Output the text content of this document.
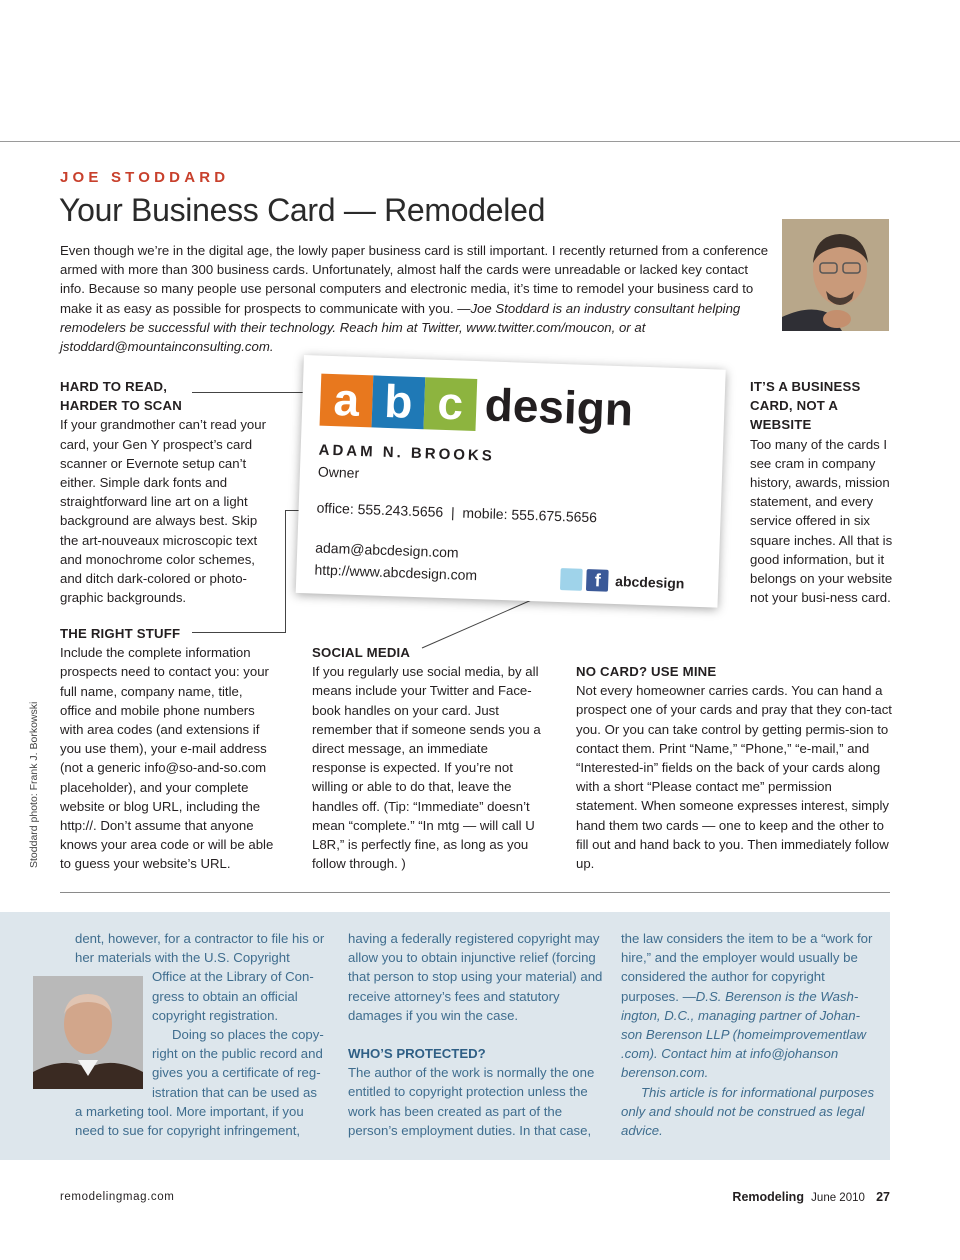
JOE STODDARD
Your Business Card — Remodeled
Even though we’re in the digital age, the lowly paper business card is still important. I recently returned from a conference armed with more than 300 business cards. Unfortunately, almost half the cards were unreadable or lacked key contact info. Because so many people use personal computers and electronic media, it’s time to remodel your business card to make it as easy as possible for prospects to communicate with you. —Joe Stoddard is an industry consultant helping remodelers be successful with their technology. Reach him at Twitter, www.twitter.com/moucon, or at jstoddard@mountainconsulting.com.
Stoddard photo: Frank J. Borkowski
HARD TO READ,
HARDER TO SCAN

If your grandmother can’t read your card, your Gen Y prospect’s card scanner or Evernote setup can’t either. Simple dark fonts and straightforward line art on a light background are always best. Skip the art-nouveaux microscopic text and monochrome color schemes, and ditch dark-colored or photo-graphic backgrounds.

THE RIGHT STUFF

Include the complete information prospects need to contact you: your full name, company name, title, office and mobile phone numbers with area codes (and extensions if you use them), your e-mail address (not a generic info@so-and-so.com placeholder), and your complete website or blog URL, including the http://. Don’t assume that anyone knows your area code or will be able to guess your website’s URL.

SOCIAL MEDIA

If you regularly use social media, by all means include your Twitter and Face-book handles on your card. Just remember that if someone sends you a direct message, an immediate response is expected. If you’re not willing or able to do that, leave the handles off. (Tip: “Immediate” doesn’t mean “complete.” “In mtg — will call U L8R,” is perfectly fine, as long as you follow through. )

IT’S A BUSINESS
CARD, NOT A
WEBSITE

Too many of the cards I see cram in company history, awards, mission statement, and every service offered in six square inches. All that is good information, but it belongs on your website not your busi-ness card.

NO CARD? USE MINE

Not every homeowner carries cards. You can hand a prospect one of your cards and pray that they con-tact you. Or you can take control by getting permis-sion to contact them. Print “Name,” “Phone,” “e-mail,” and “Interested-in” fields on the back of your cards along with a short “Please contact me” permission statement. When someone expresses interest, simply hand them two cards — one to keep and the other to fill out and hand back to you. Then immediately follow up.

a b c design
ADAM N. BROOKS
Owner
office: 555.243.5656  |  mobile: 555.675.5656
adam@abcdesign.com
http://www.abcdesign.com	f abcdesign
dent, however, for a contractor to file his or her materials with the U.S. Copyright
Office at the Library of Con-gress to obtain an official copyright registration.
Doing so places the copy-right on the public record and gives you a certificate of reg-istration that can be used as
a marketing tool. More important, if you need to sue for copyright infringement,
having a federally registered copyright may allow you to obtain injunctive relief (forcing that person to stop using your material) and receive attorney’s fees and statutory damages if you win the case.
WHO’S PROTECTED?
The author of the work is normally the one entitled to copyright protection unless the work has been created as part of the person’s employment duties. In that case,
the law considers the item to be a “work for hire,” and the employer would usually be considered the author for copyright purposes. —D.S. Berenson is the Wash-ington, D.C., managing partner of Johan-son Berenson LLP (homeimprovementlaw .com). Contact him at info@johanson berenson.com.
This article is for informational purposes only and should not be construed as legal advice.
remodelingmag.com	Remodeling June 2010 27
